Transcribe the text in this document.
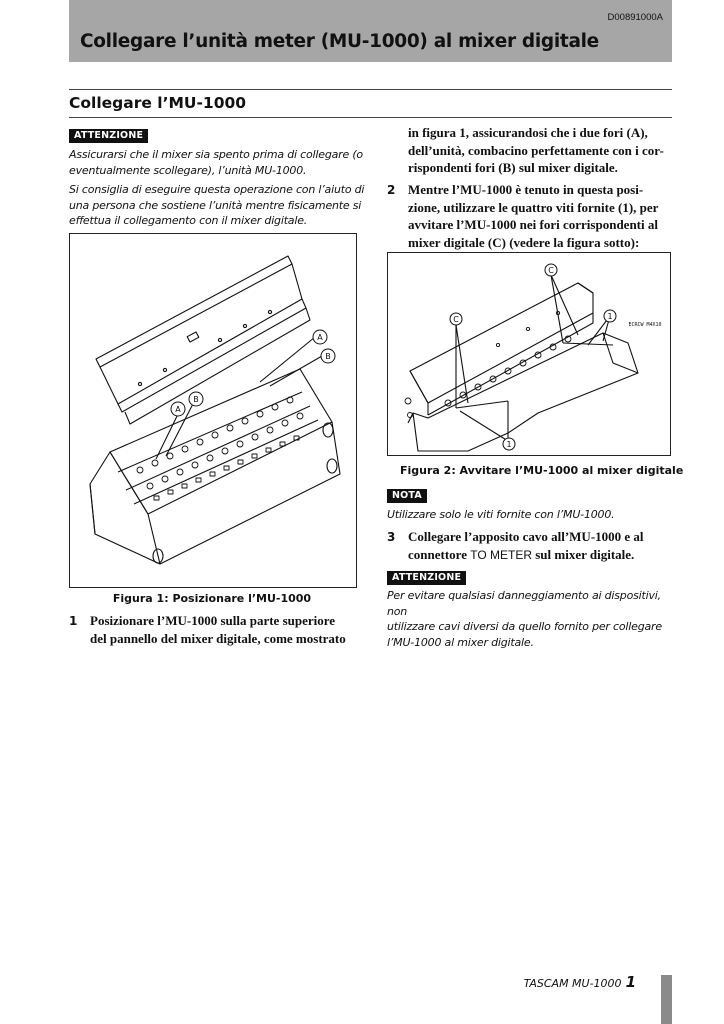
D00891000A
Collegare l’unità meter (MU-1000) al mixer digitale
Collegare l’MU-1000
ATTENZIONE
Assicurarsi che il mixer sia spento prima di collegare (o
eventualmente scollegare), l’unità MU-1000.
Si consiglia di eseguire questa operazione con l’aiuto di
una persona che sostiene l’unità mentre fisicamente si
effettua il collegamento con il mixer digitale.
A
B
A
B
Figura 1: Posizionare l’MU-1000
1 Posizionare l’MU-1000 sulla parte superiore
del pannello del mixer digitale, come mostrato
in figura 1, assicurandosi che i due fori (A),
dell’unità, combacino perfettamente con i cor-
rispondenti fori (B) sul mixer digitale.
2 Mentre l’MU-1000 è tenuto in questa posi-
zione, utilizzare le quattro viti fornite (1), per
avvitare l’MU-1000 nei fori corrispondenti al
mixer digitale (C) (vedere la figura sotto):
C
C	1
1
ECRCW M4X10
Figura 2: Avvitare l’MU-1000 al mixer digitale
NOTA
Utilizzare solo le viti fornite con l’MU-1000.
3 Collegare l’apposito cavo all’MU-1000 e al
connettore TO METER sul mixer digitale.
ATTENZIONE
Per evitare qualsiasi danneggiamento ai dispositivi, non
utilizzare cavi diversi da quello fornito per collegare
l’MU-1000 al mixer digitale.
TASCAM MU-1000 1
